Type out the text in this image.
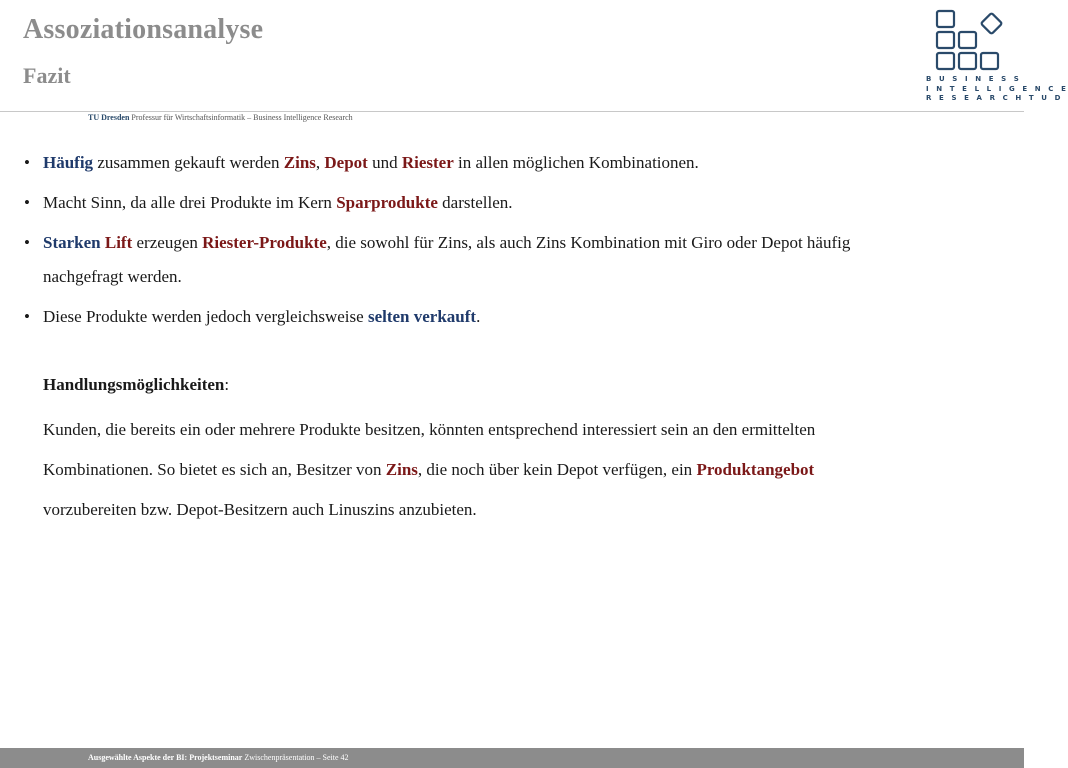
Assoziationsanalyse
Fazit	B U S I N E S S
I N T E L L I G E N C E
R E S E A R C H T U D
TU Dresden Professur für Wirtschaftsinformatik – Business Intelligence Research
• Häufig zusammen gekauft werden Zins, Depot und Riester in allen möglichen Kombinationen.
• Macht Sinn, da alle drei Produkte im Kern Sparprodukte darstellen.
• Starken Lift erzeugen Riester-Produkte, die sowohl für Zins, als auch Zins Kombination mit Giro oder Depot häufig
nachgefragt werden.
• Diese Produkte werden jedoch vergleichsweise selten verkauft.
Handlungsmöglichkeiten:
Kunden, die bereits ein oder mehrere Produkte besitzen, könnten entsprechend interessiert sein an den ermittelten
Kombinationen. So bietet es sich an, Besitzer von Zins, die noch über kein Depot verfügen, ein Produktangebot
vorzubereiten bzw. Depot-Besitzern auch Linuszins anzubieten.
Ausgewählte Aspekte der BI: Projektseminar Zwischenpräsentation – Seite 42
